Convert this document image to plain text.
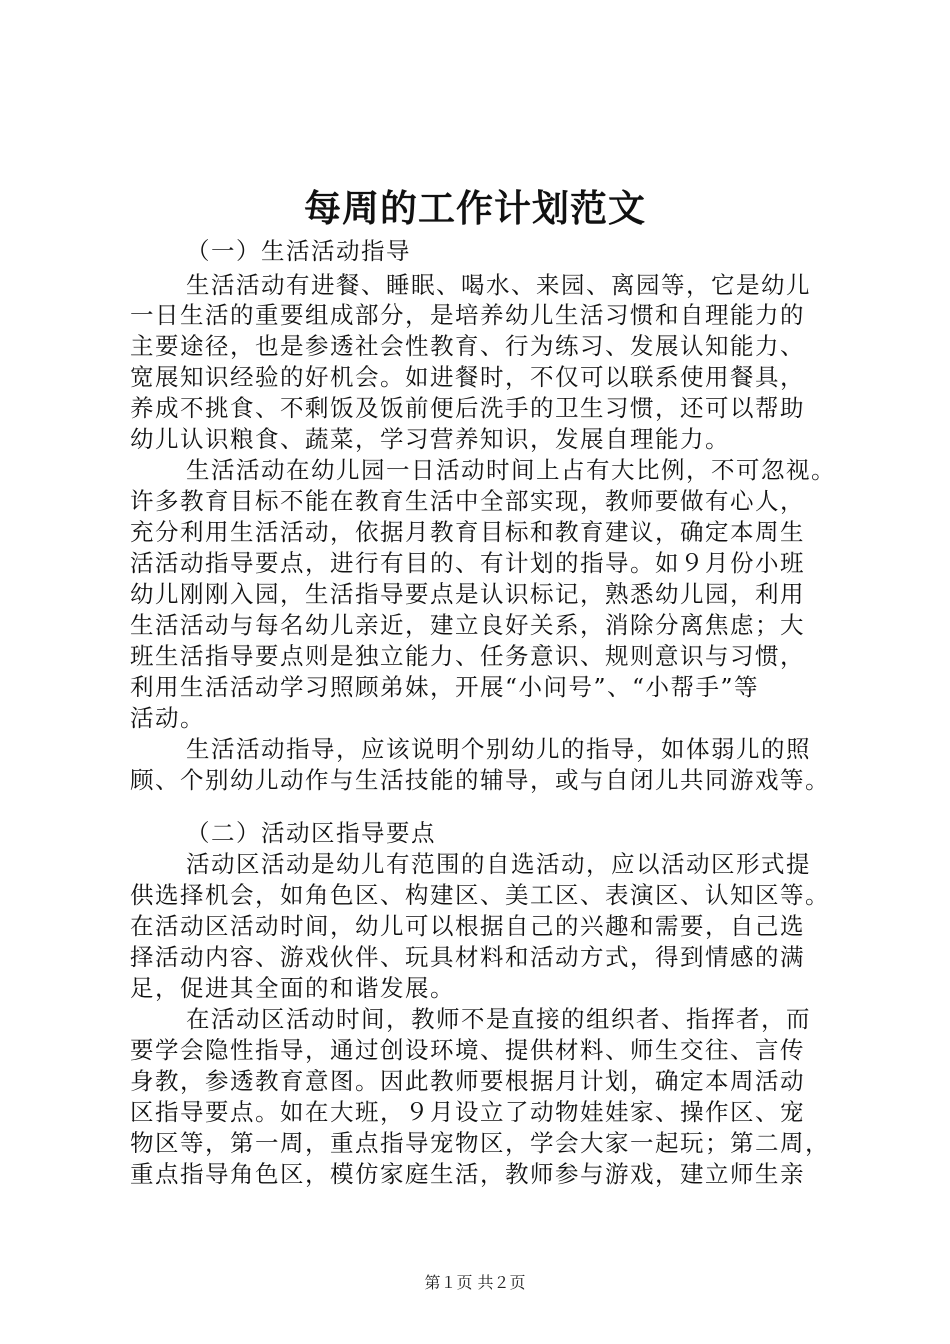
每周的工作计划范文
（一）生活活动指导
生活活动有进餐、睡眠、喝水、来园、离园等，它是幼儿
一日生活的重要组成部分，是培养幼儿生活习惯和自理能力的
主要途径，也是参透社会性教育、行为练习、发展认知能力、
宽展知识经验的好机会。如进餐时，不仅可以联系使用餐具，
养成不挑食、不剩饭及饭前便后洗手的卫生习惯，还可以帮助
幼儿认识粮食、蔬菜，学习营养知识，发展自理能力。
生活活动在幼儿园一日活动时间上占有大比例，不可忽视。
许多教育目标不能在教育生活中全部实现，教师要做有心人，
充分利用生活活动，依据月教育目标和教育建议，确定本周生
活活动指导要点，进行有目的、有计划的指导。如９月份小班
幼儿刚刚入园，生活指导要点是认识标记，熟悉幼儿园，利用
生活活动与每名幼儿亲近，建立良好关系，消除分离焦虑；大
班生活指导要点则是独立能力、任务意识、规则意识与习惯，
利用生活活动学习照顾弟妹，开展“小问号”、“小帮手”等
活动。
生活活动指导，应该说明个别幼儿的指导，如体弱儿的照
顾、个别幼儿动作与生活技能的辅导，或与自闭儿共同游戏等。
（二）活动区指导要点
活动区活动是幼儿有范围的自选活动，应以活动区形式提
供选择机会，如角色区、构建区、美工区、表演区、认知区等。
在活动区活动时间，幼儿可以根据自己的兴趣和需要，自己选
择活动内容、游戏伙伴、玩具材料和活动方式，得到情感的满
足，促进其全面的和谐发展。
在活动区活动时间，教师不是直接的组织者、指挥者，而
要学会隐性指导，通过创设环境、提供材料、师生交往、言传
身教，参透教育意图。因此教师要根据月计划，确定本周活动
区指导要点。如在大班，９月设立了动物娃娃家、操作区、宠
物区等，第一周，重点指导宠物区，学会大家一起玩；第二周，
重点指导角色区，模仿家庭生活，教师参与游戏，建立师生亲
第１页 共２页
